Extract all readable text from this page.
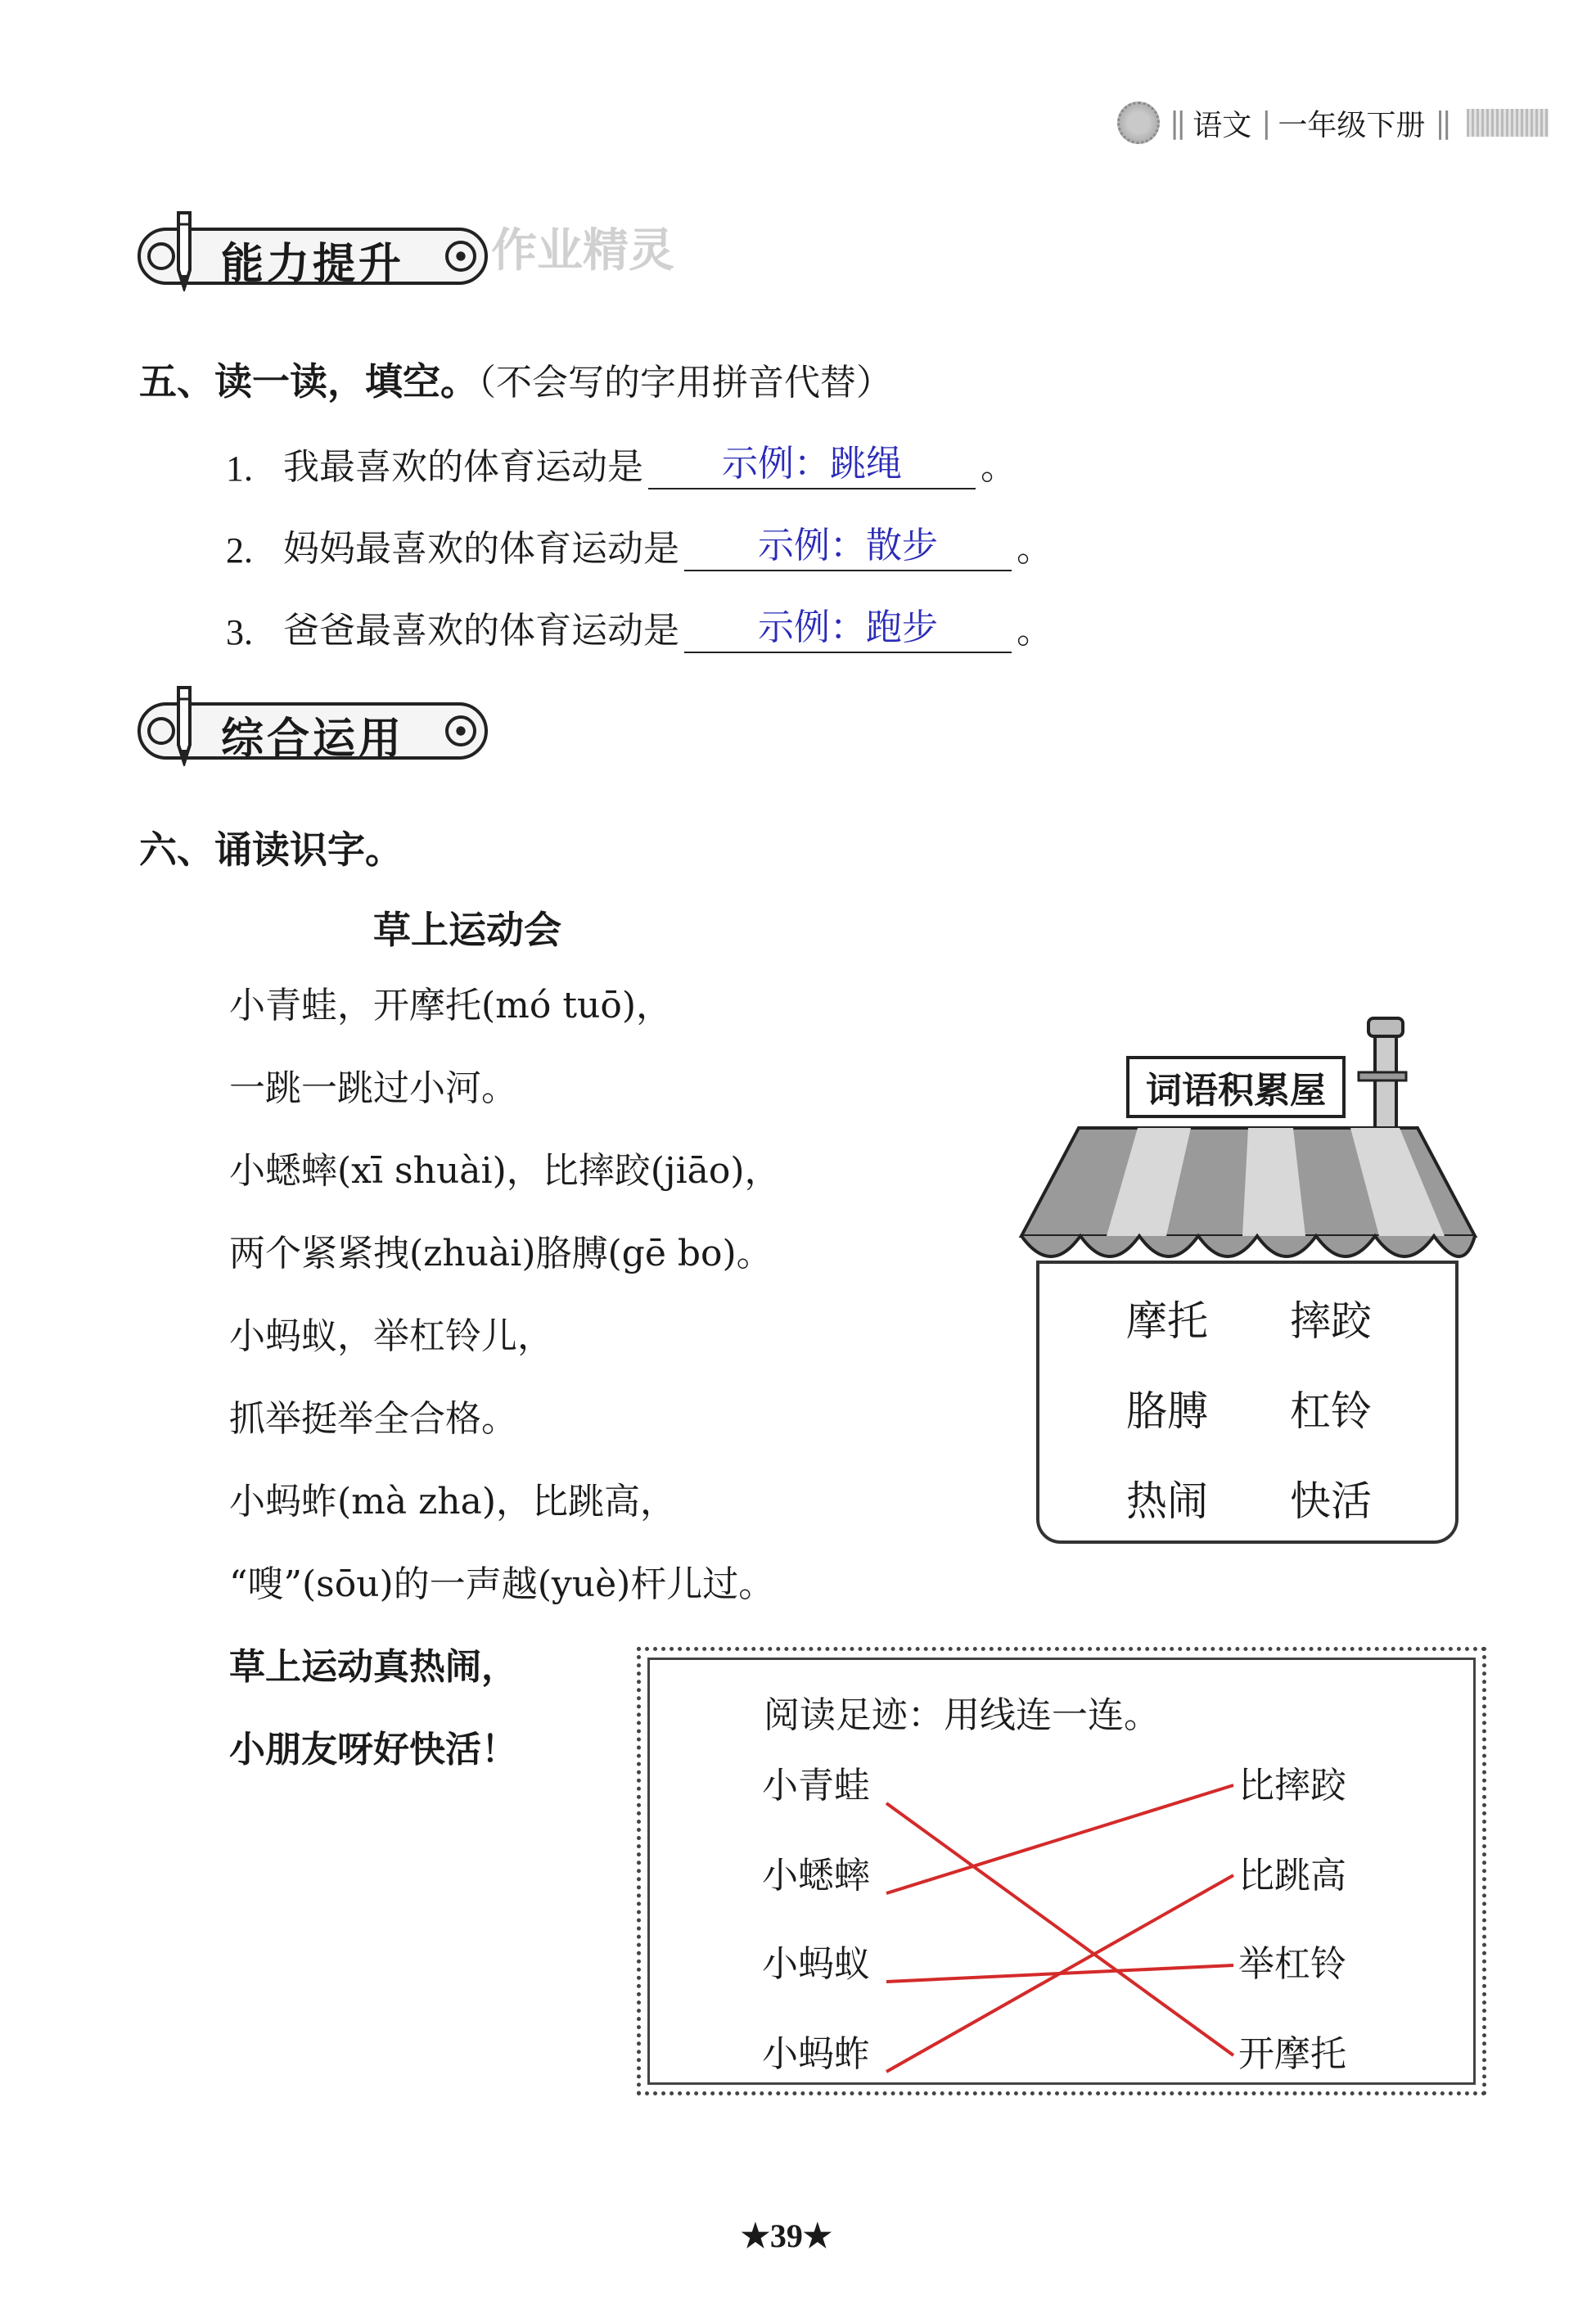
|| 语文 | 一年级下册 ||
能力提升 作业精灵
五、读一读，填空。（不会写的字用拼音代替）
1. 我最喜欢的体育运动是	示例：跳绳	。
2. 妈妈最喜欢的体育运动是	示例：散步	。
3. 爸爸最喜欢的体育运动是	示例：跑步	。
综合运用
六、诵读识字。
草上运动会
小青蛙，开摩托(mó tuō)，
一跳一跳过小河。
小蟋蟀(xī shuài)，比摔跤(jiāo)，
两个紧紧拽(zhuài)胳膊(gē bo)。
小蚂蚁，举杠铃儿，
抓举挺举全合格。
小蚂蚱(mà zha)，比跳高，
“嗖”(sōu)的一声越(yuè)杆儿过。
草上运动真热闹，
小朋友呀好快活！
词语积累屋
摩托	摔跤
胳膊	杠铃
热闹	快活
阅读足迹：用线连一连。
小青蛙
小蟋蟀
小蚂蚁
小蚂蚱
比摔跤
比跳高
举杠铃
开摩托
★39★
